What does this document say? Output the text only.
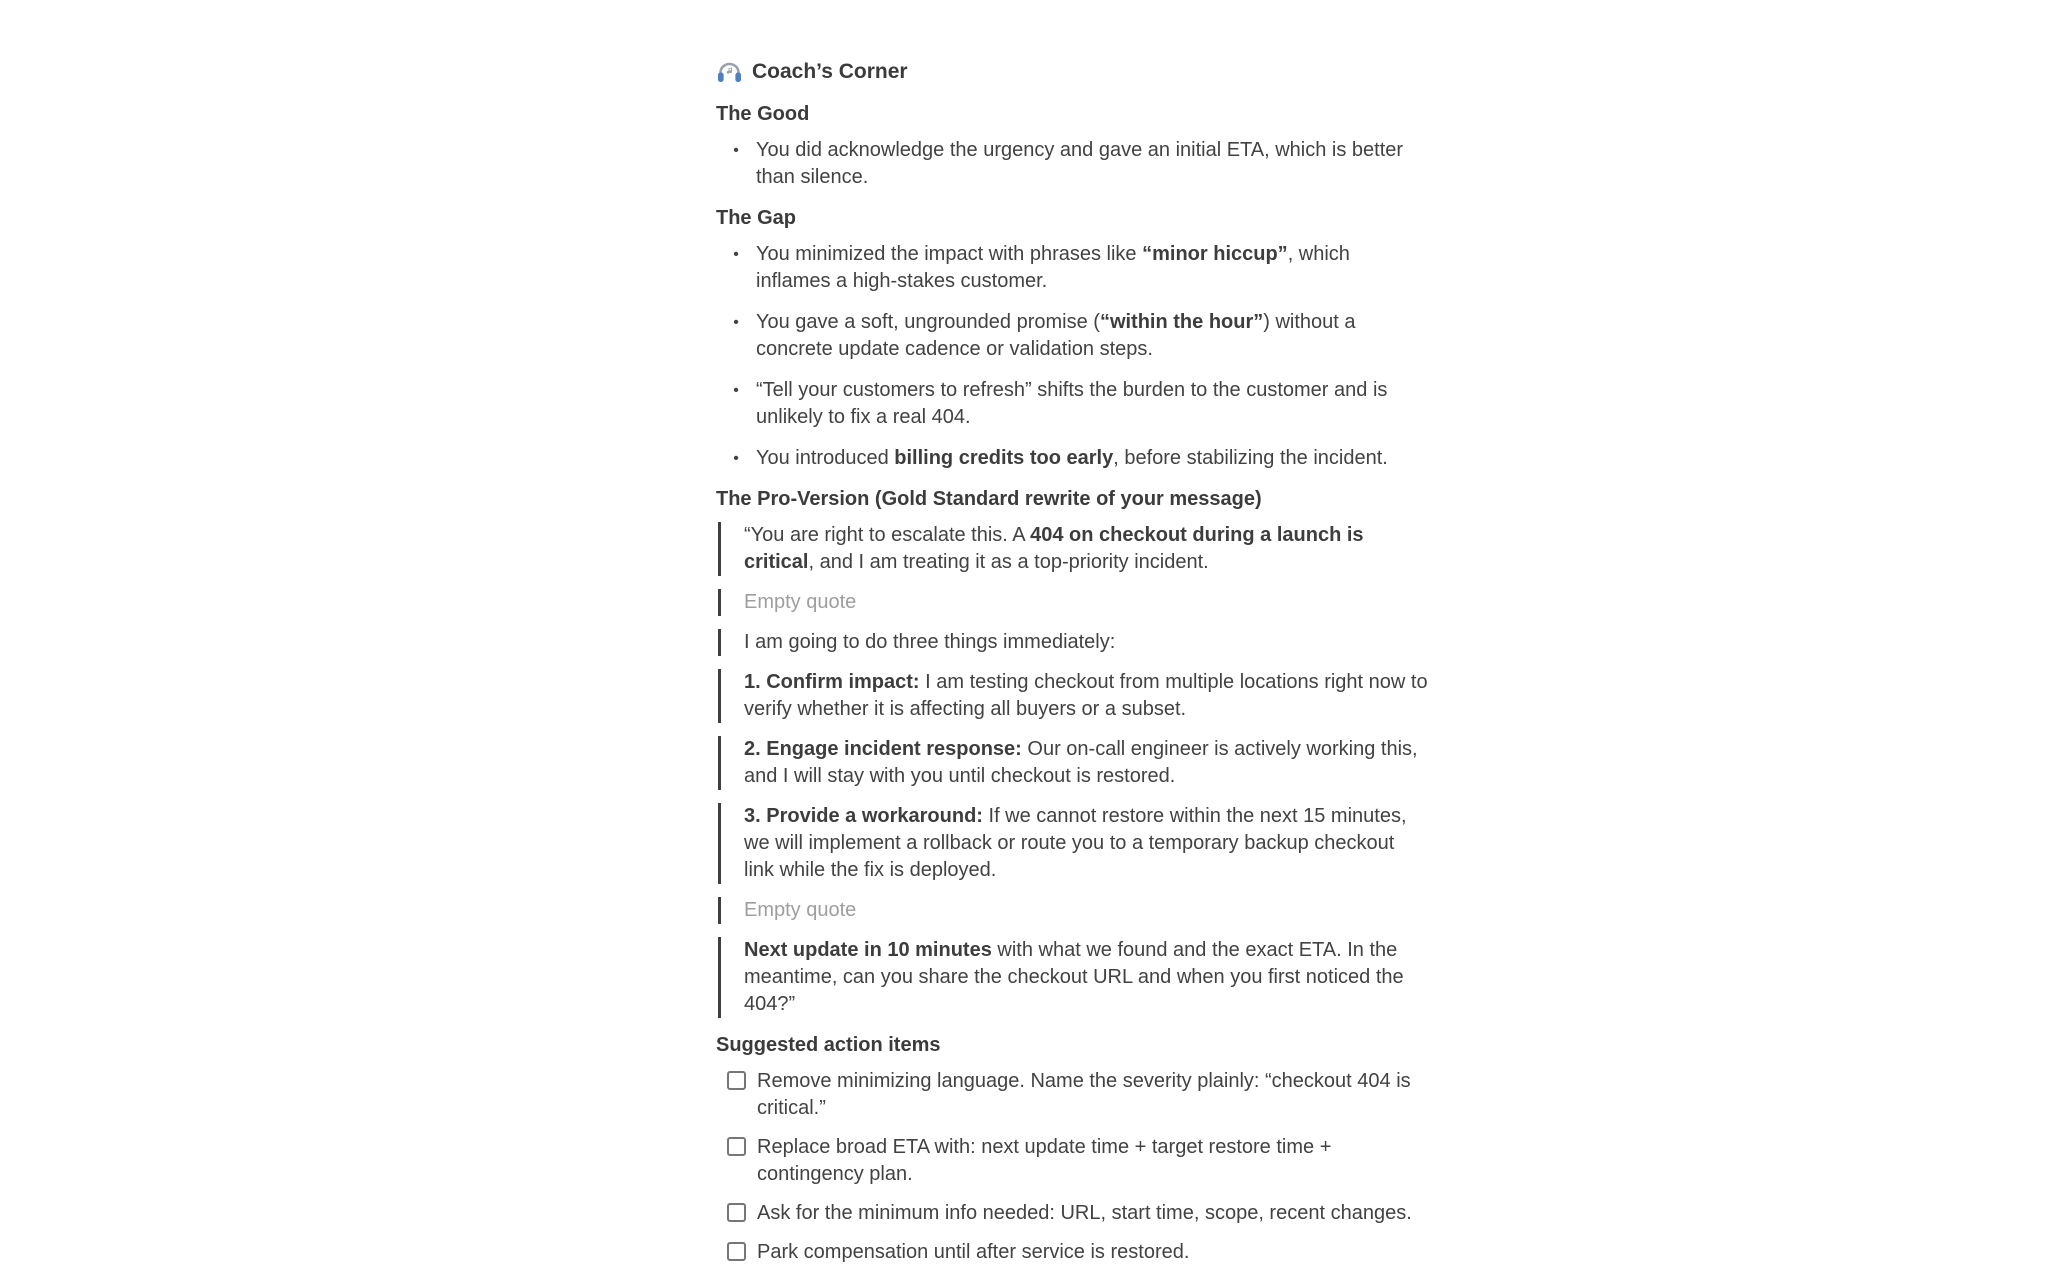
Coach’s Corner
The Good
• You did acknowledge the urgency and gave an initial ETA, which is better than silence.
The Gap
• You minimized the impact with phrases like “minor hiccup”, which inflames a high-stakes customer.
• You gave a soft, ungrounded promise (“within the hour”) without a concrete update cadence or validation steps.
• “Tell your customers to refresh” shifts the burden to the customer and is unlikely to fix a real 404.
• You introduced billing credits too early, before stabilizing the incident.
The Pro-Version (Gold Standard rewrite of your message)
“You are right to escalate this. A 404 on checkout during a launch is critical, and I am treating it as a top-priority incident.
Empty quote
I am going to do three things immediately:
1. Confirm impact: I am testing checkout from multiple locations right now to verify whether it is affecting all buyers or a subset.
2. Engage incident response: Our on-call engineer is actively working this, and I will stay with you until checkout is restored.
3. Provide a workaround: If we cannot restore within the next 15 minutes, we will implement a rollback or route you to a temporary backup checkout link while the fix is deployed.
Empty quote
Next update in 10 minutes with what we found and the exact ETA. In the meantime, can you share the checkout URL and when you first noticed the 404?”
Suggested action items
Remove minimizing language. Name the severity plainly: “checkout 404 is critical.”
Replace broad ETA with: next update time + target restore time + contingency plan.
Ask for the minimum info needed: URL, start time, scope, recent changes.
Park compensation until after service is restored.
